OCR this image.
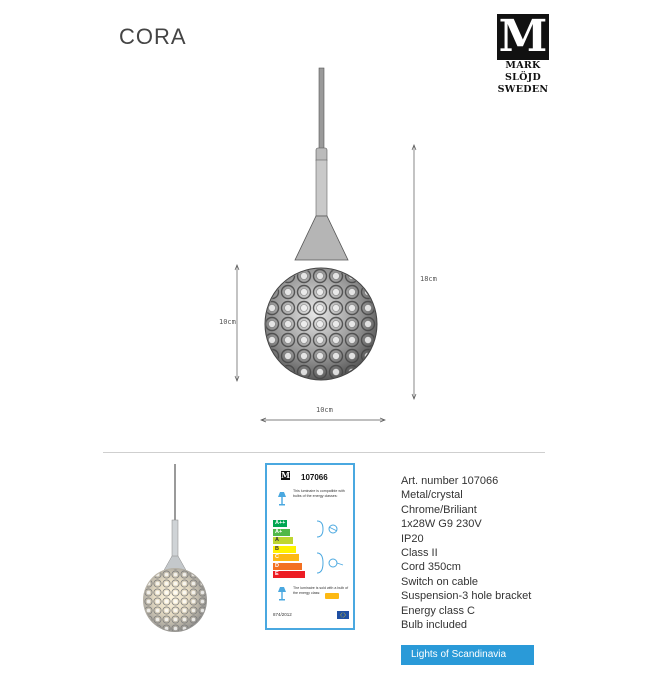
CORA	M
MARK
SLÖJD
SWEDEN
10cm
18cm
10cm
M 107066
This luminaire is compatible with bulbs of the energy classes:
A++
A+
A
B
C
D
E
The luminaire is sold with a bulb of the energy class:
874/2012
Art. number 107066
Metal/crystal
Chrome/Briliant
1x28W G9 230V
IP20
Class II
Cord 350cm
Switch on cable
Suspension-3 hole bracket
Energy class C
Bulb included
Lights of Scandinavia
